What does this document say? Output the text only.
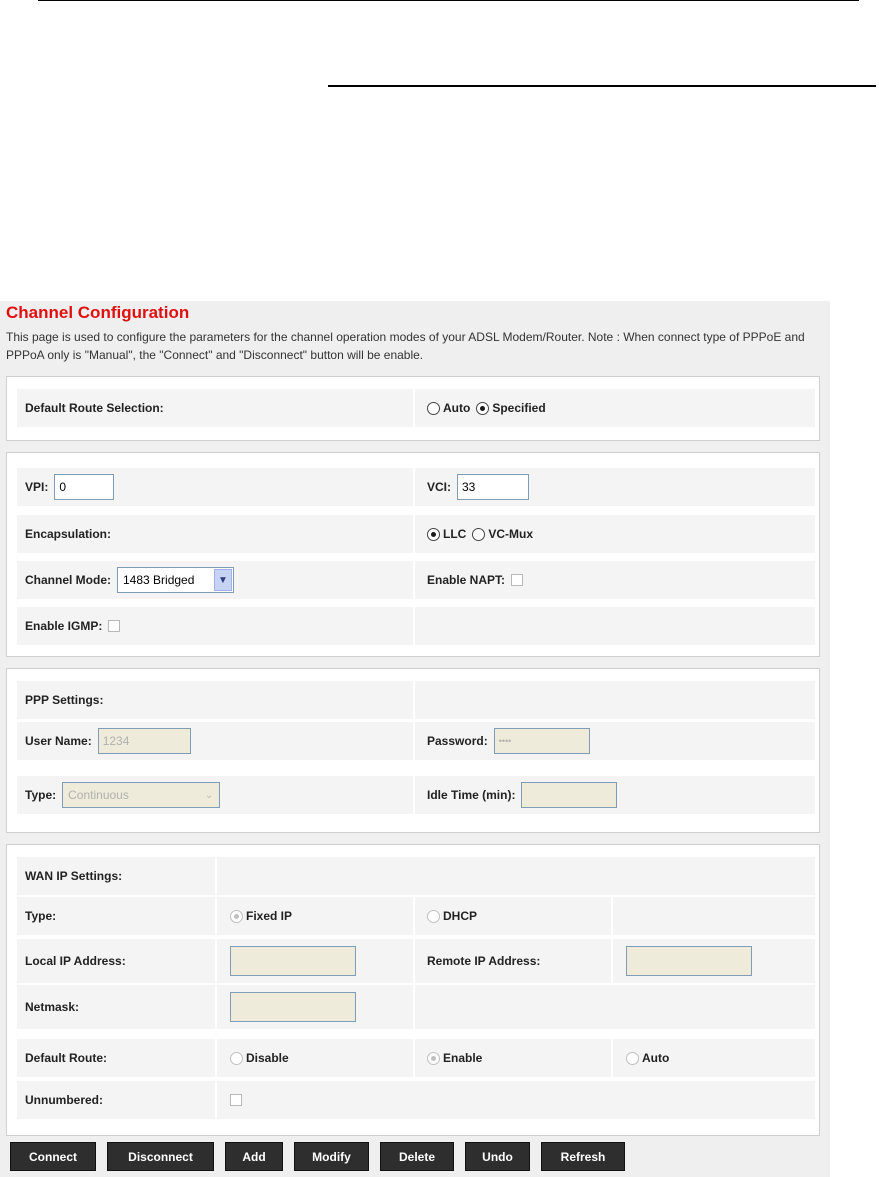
Channel Configuration
This page is used to configure the parameters for the channel operation modes of your ADSL Modem/Router. Note : When connect type of PPPoE and PPPoA only is "Manual", the "Connect" and "Disconnect" button will be enable.
Default Route Selection:	Auto Specified
VPI: 0	VCI: 33
Encapsulation:	LLC VC-Mux
Channel Mode: 1483 Bridged	▼	Enable NAPT:
Enable IGMP:
PPP Settings:
User Name: 1234	Password:	••••
Type: Continuous	⌄	Idle Time (min):
WAN IP Settings:
Type:	Fixed IP	DHCP
Local IP Address:	Remote IP Address:
Netmask:
Default Route:	Disable	Enable	Auto
Unnumbered:
Connect	Disconnect	Add	Modify	Delete	Undo	Refresh
